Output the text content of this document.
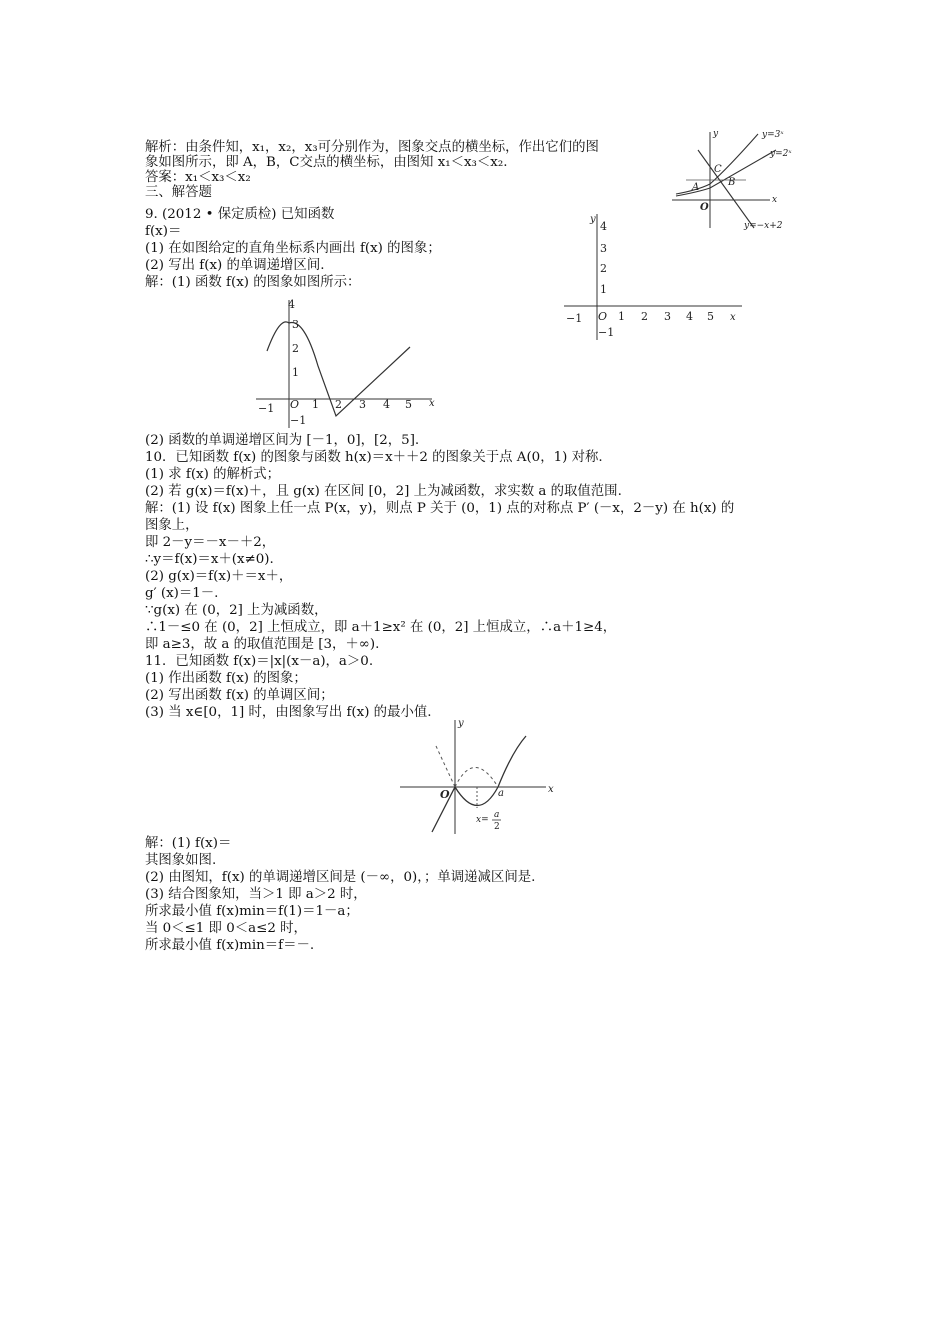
解析：由条件知，x₁，x₂，x₃可分别作为，图象交点的横坐标，作出它们的图
象如图所示，即 A，B，C交点的横坐标，由图知 x₁＜x₃＜x₂.
答案：x₁＜x₃＜x₂
三、解答题
9. (2012 • 保定质检) 已知函数
f(x)＝
(1) 在如图给定的直角坐标系内画出 f(x) 的图象；
(2) 写出 f(x) 的单调递增区间.
解：(1) 函数 f(x) 的图象如图所示：
(2) 函数的单调递增区间为 [－1，0]，[2，5].
10．已知函数 f(x) 的图象与函数 h(x)＝x＋＋2 的图象关于点 A(0，1) 对称.
(1) 求 f(x) 的解析式；
(2) 若 g(x)＝f(x)＋，且 g(x) 在区间 [0，2] 上为减函数，求实数 a 的取值范围.
解：(1) 设 f(x) 图象上任一点 P(x，y)，则点 P 关于 (0，1) 点的对称点 P′ (－x，2－y) 在 h(x) 的
图象上，
即 2－y＝－x－＋2，
∴y＝f(x)＝x＋(x≠0).
(2) g(x)＝f(x)＋＝x＋，
g′ (x)＝1－.
∵g(x) 在 (0，2] 上为减函数，
∴1－≤0 在 (0，2] 上恒成立，即 a＋1≥x² 在 (0，2] 上恒成立，∴a＋1≥4，
即 a≥3，故 a 的取值范围是 [3，＋∞).
11．已知函数 f(x)＝|x|(x－a)，a＞0.
(1) 作出函数 f(x) 的图象；
(2) 写出函数 f(x) 的单调区间；
(3) 当 x∈[0，1] 时，由图象写出 f(x) 的最小值.
解：(1) f(x)＝
其图象如图.
(2) 由图知，f(x) 的单调递增区间是 (－∞，0)，；单调递减区间是.
(3) 结合图象知，当＞1 即 a＞2 时，
所求最小值 f(x)min＝f(1)＝1－a；
当 0＜≤1 即 0＜a≤2 时，
所求最小值 f(x)min＝f＝－.
y=3ˣ
y=2ˣ
C
B
A
O
x
y
y=−x+2
y
4
3
2
1
−1
−1 O 1 2 3 4 5 x
4
3
2
1
−1
−1 O 1 2 3 4 5 x
y
x
O	a
x= a
2
